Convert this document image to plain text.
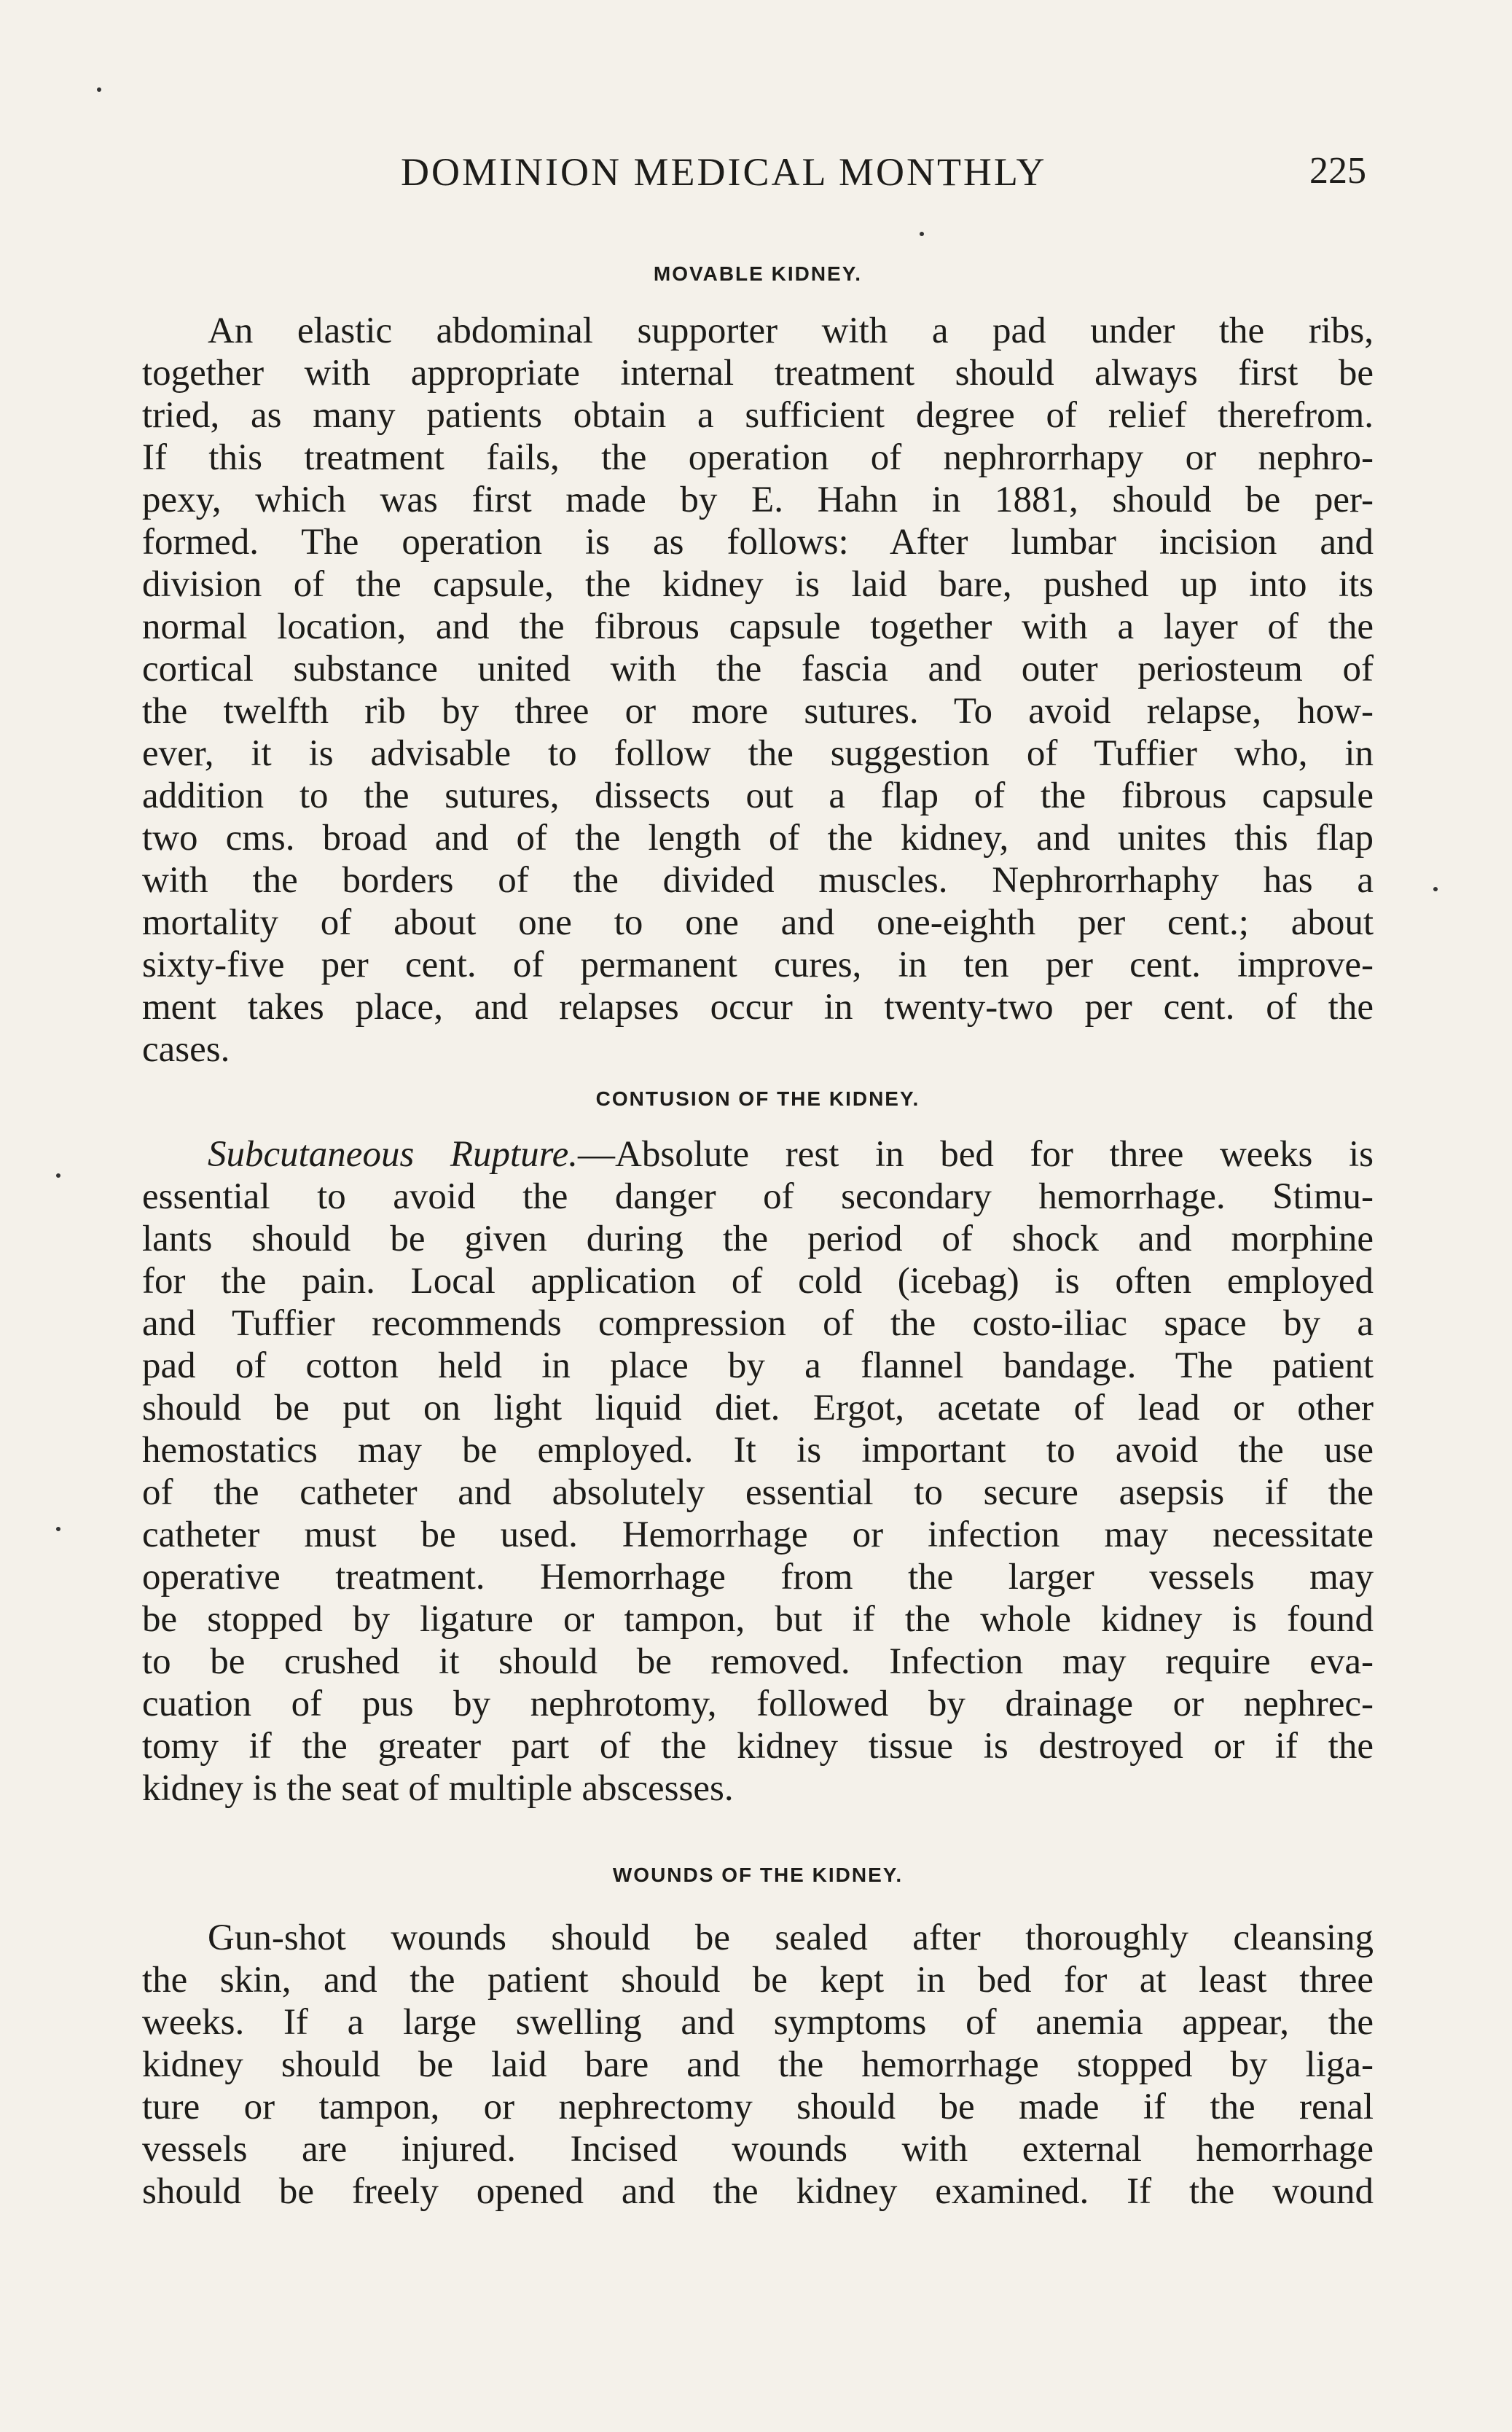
DOMINION MEDICAL MONTHLY	225
MOVABLE KIDNEY.
An elastic abdominal supporter with a pad under the ribs,
together with appropriate internal treatment should always first be
tried, as many patients obtain a sufficient degree of relief therefrom.
If this treatment fails, the operation of nephrorrhapy or nephro-
pexy, which was first made by E. Hahn in 1881, should be per-
formed. The operation is as follows: After lumbar incision and
division of the capsule, the kidney is laid bare, pushed up into its
normal location, and the fibrous capsule together with a layer of the
cortical substance united with the fascia and outer periosteum of
the twelfth rib by three or more sutures. To avoid relapse, how-
ever, it is advisable to follow the suggestion of Tuffier who, in
addition to the sutures, dissects out a flap of the fibrous capsule
two cms. broad and of the length of the kidney, and unites this flap
with the borders of the divided muscles. Nephrorrhaphy has a
mortality of about one to one and one-eighth per cent.; about
sixty-five per cent. of permanent cures, in ten per cent. improve-
ment takes place, and relapses occur in twenty-two per cent. of the
cases.
CONTUSION OF THE KIDNEY.
Subcutaneous Rupture.—Absolute rest in bed for three weeks is
essential to avoid the danger of secondary hemorrhage. Stimu-
lants should be given during the period of shock and morphine
for the pain. Local application of cold (icebag) is often employed
and Tuffier recommends compression of the costo-iliac space by a
pad of cotton held in place by a flannel bandage. The patient
should be put on light liquid diet. Ergot, acetate of lead or other
hemostatics may be employed. It is important to avoid the use
of the catheter and absolutely essential to secure asepsis if the
catheter must be used. Hemorrhage or infection may necessitate
operative treatment. Hemorrhage from the larger vessels may
be stopped by ligature or tampon, but if the whole kidney is found
to be crushed it should be removed. Infection may require eva-
cuation of pus by nephrotomy, followed by drainage or nephrec-
tomy if the greater part of the kidney tissue is destroyed or if the
kidney is the seat of multiple abscesses.
WOUNDS OF THE KIDNEY.
Gun-shot wounds should be sealed after thoroughly cleansing
the skin, and the patient should be kept in bed for at least three
weeks. If a large swelling and symptoms of anemia appear, the
kidney should be laid bare and the hemorrhage stopped by liga-
ture or tampon, or nephrectomy should be made if the renal
vessels are injured. Incised wounds with external hemorrhage
should be freely opened and the kidney examined. If the wound
